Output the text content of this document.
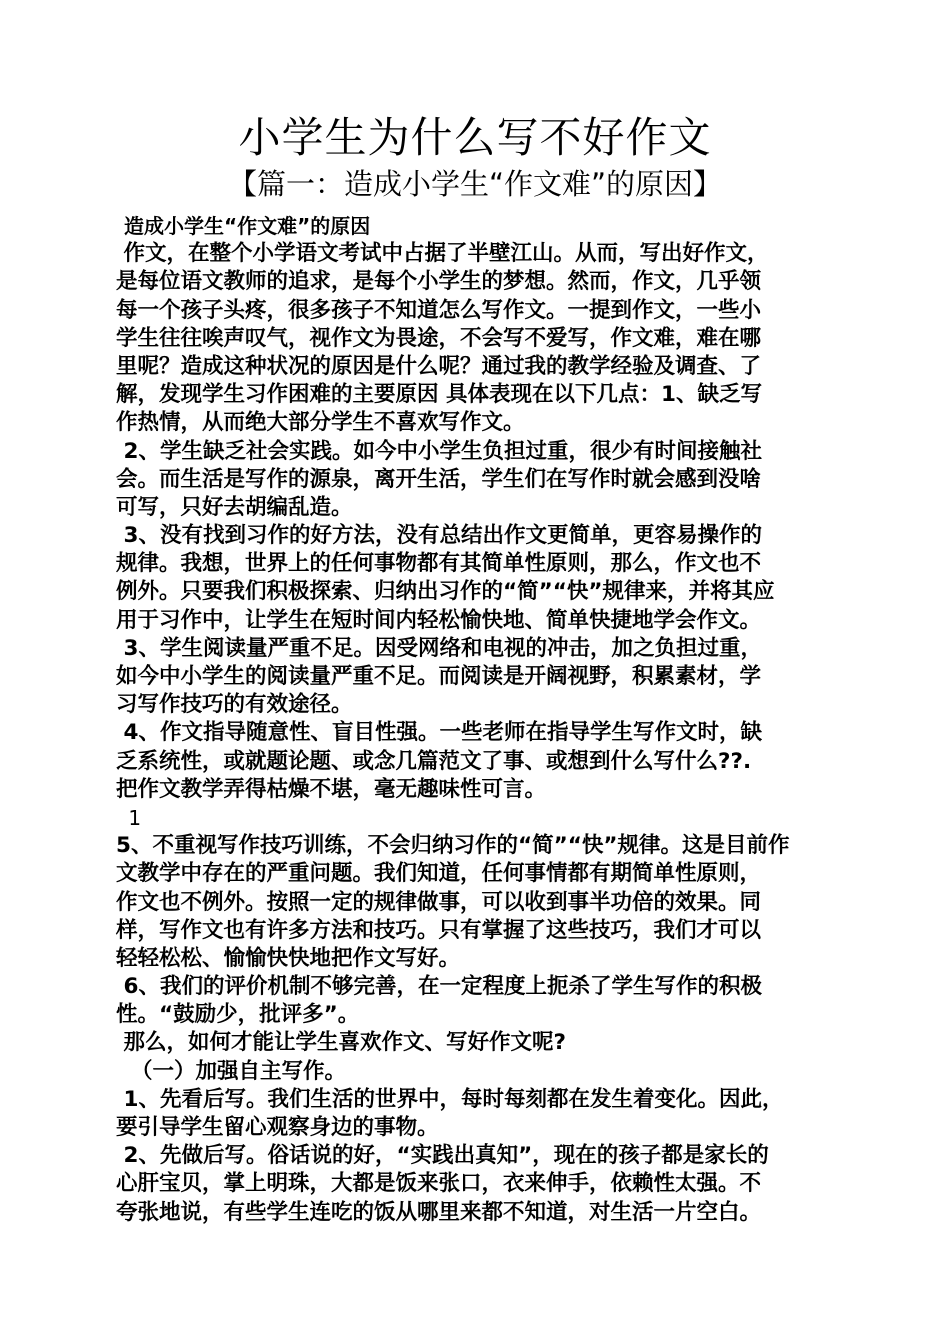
小学生为什么写不好作文
【篇一：造成小学生“作文难”的原因】
造成小学生“作文难”的原因
作文，在整个小学语文考试中占据了半壁江山。从而，写出好作文，
是每位语文教师的追求，是每个小学生的梦想。然而，作文，几乎领
每一个孩子头疼，很多孩子不知道怎么写作文。一提到作文，一些小
学生往往唉声叹气，视作文为畏途，不会写不爱写，作文难，难在哪
里呢？造成这种状况的原因是什么呢？通过我的教学经验及调查、了
解，发现学生习作困难的主要原因 具体表现在以下几点：1、缺乏写
作热情，从而绝大部分学生不喜欢写作文。
2、学生缺乏社会实践。如今中小学生负担过重，很少有时间接触社
会。而生活是写作的源泉，离开生活，学生们在写作时就会感到没啥
可写，只好去胡编乱造。
3、没有找到习作的好方法，没有总结出作文更简单，更容易操作的
规律。我想，世界上的任何事物都有其简单性原则，那么，作文也不
例外。只要我们积极探索、归纳出习作的“简”“快”规律来，并将其应
用于习作中，让学生在短时间内轻松愉快地、简单快捷地学会作文。
3、学生阅读量严重不足。因受网络和电视的冲击，加之负担过重，
如今中小学生的阅读量严重不足。而阅读是开阔视野，积累素材，学
习写作技巧的有效途径。
4、作文指导随意性、盲目性强。一些老师在指导学生写作文时，缺
乏系统性，或就题论题、或念几篇范文了事、或想到什么写什么??.
把作文教学弄得枯燥不堪，毫无趣味性可言。
1
5、不重视写作技巧训练，不会归纳习作的“简”“快”规律。这是目前作
文教学中存在的严重问题。我们知道，任何事情都有期简单性原则，
作文也不例外。按照一定的规律做事，可以收到事半功倍的效果。同
样，写作文也有许多方法和技巧。只有掌握了这些技巧，我们才可以
轻轻松松、愉愉快快地把作文写好。
6、我们的评价机制不够完善，在一定程度上扼杀了学生写作的积极
性。“鼓励少，批评多”。
那么，如何才能让学生喜欢作文、写好作文呢?
（一）加强自主写作。
1、先看后写。我们生活的世界中，每时每刻都在发生着变化。因此，
要引导学生留心观察身边的事物。
2、先做后写。俗话说的好，“实践出真知”，现在的孩子都是家长的
心肝宝贝，掌上明珠，大都是饭来张口，衣来伸手，依赖性太强。不
夸张地说，有些学生连吃的饭从哪里来都不知道，对生活一片空白。
